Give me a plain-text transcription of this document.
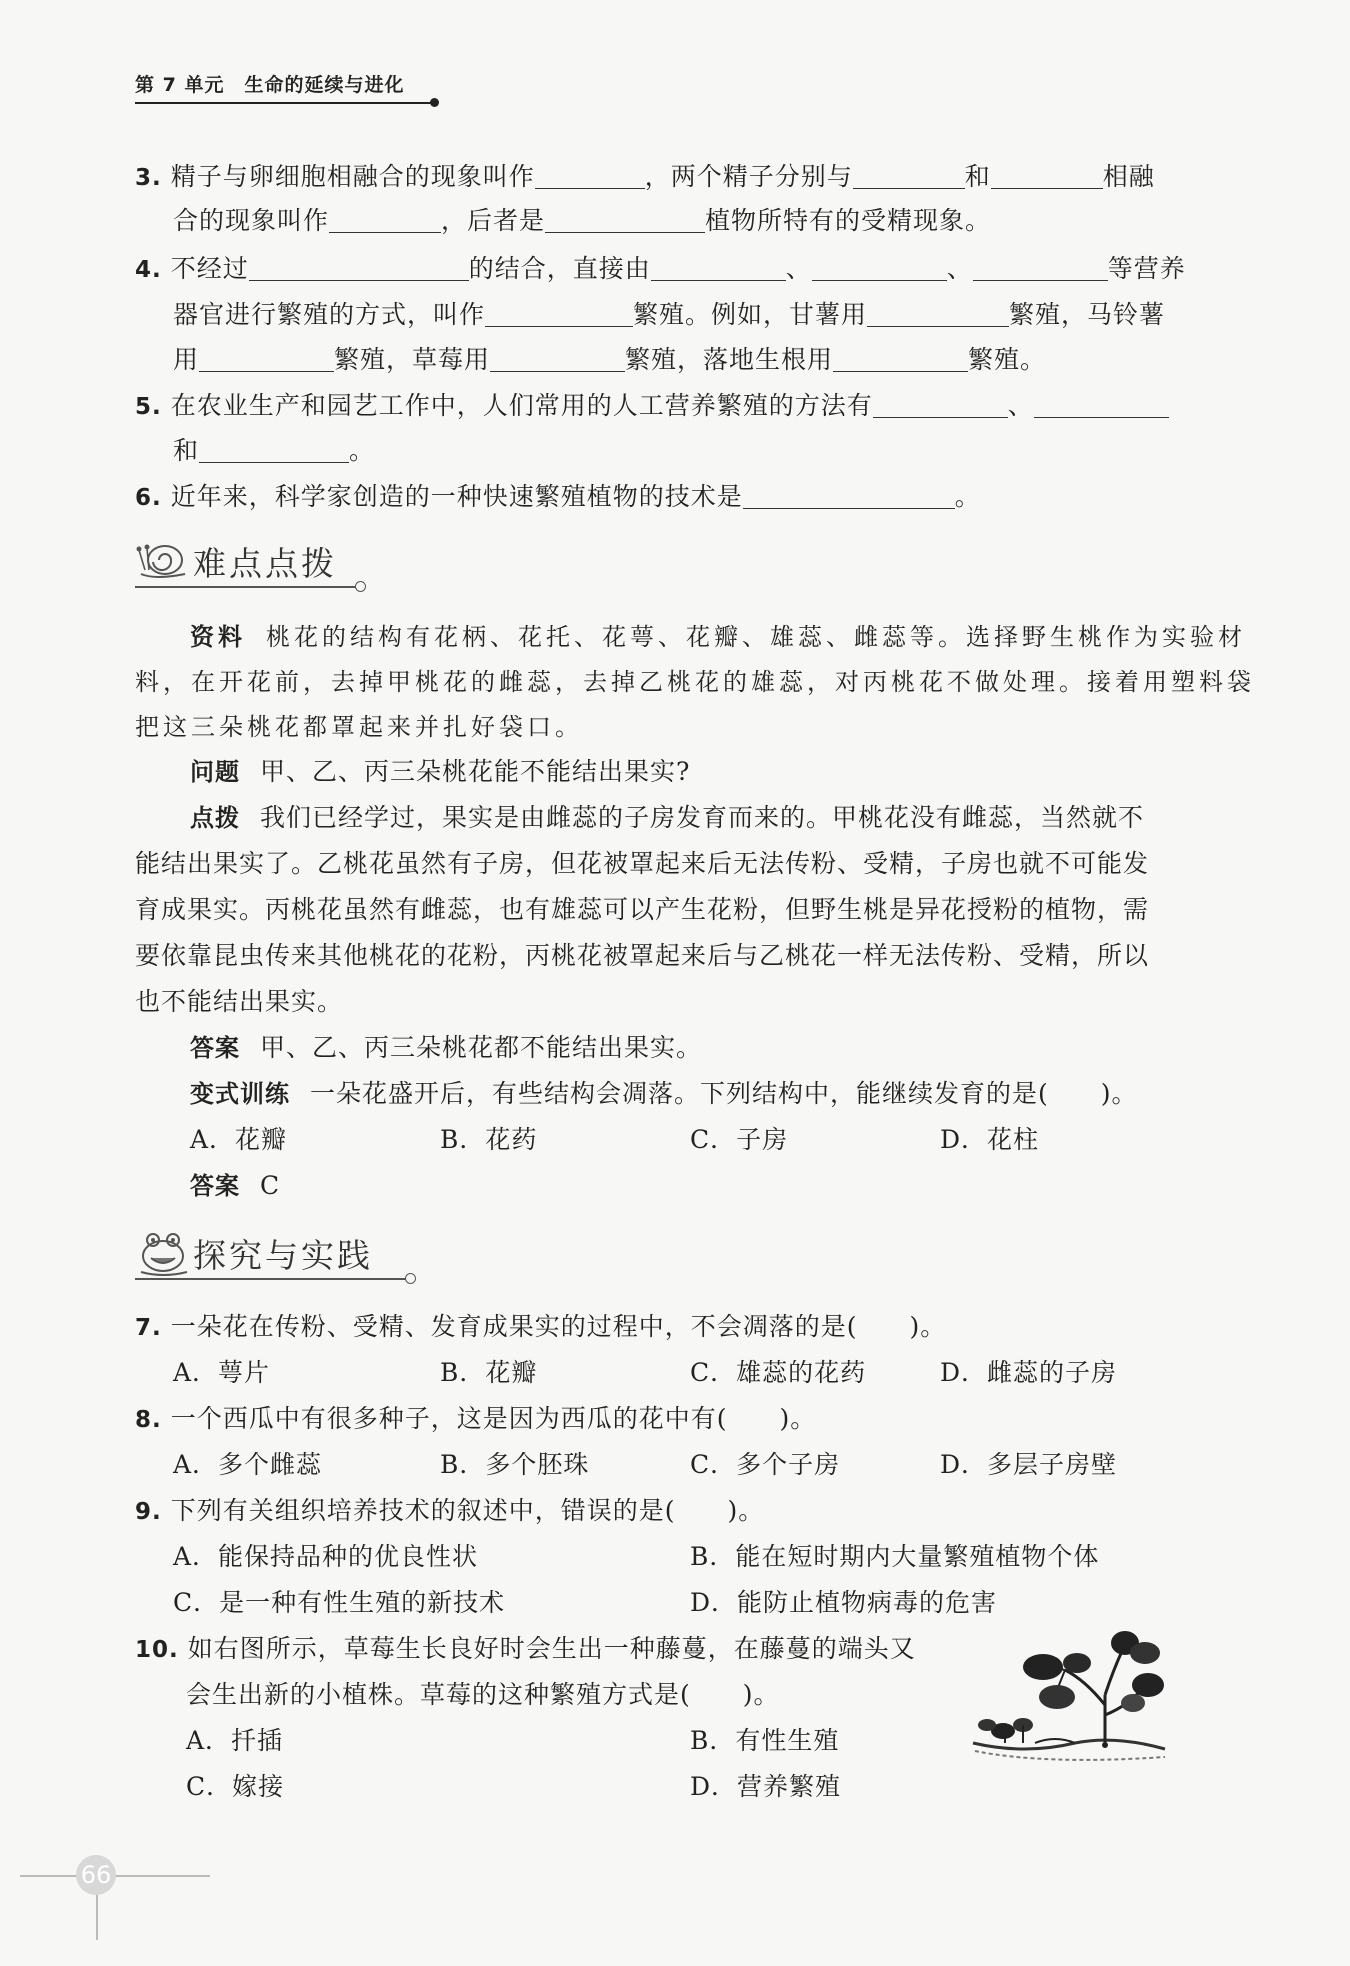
第 7 单元 生命的延续与进化
3. 精子与卵细胞相融合的现象叫作	，两个精子分别与	和	相融
合的现象叫作	，后者是	植物所特有的受精现象。
4. 不经过	的结合，直接由	、	、	等营养
器官进行繁殖的方式，叫作	繁殖。例如，甘薯用	繁殖，马铃薯
用	繁殖，草莓用	繁殖，落地生根用	繁殖。
5. 在农业生产和园艺工作中，人们常用的人工营养繁殖的方法有	、
和	。
6. 近年来，科学家创造的一种快速繁殖植物的技术是	。
难点点拨
资料 桃花的结构有花柄、花托、花萼、花瓣、雄蕊、雌蕊等。选择野生桃作为实验材
料，在开花前，去掉甲桃花的雌蕊，去掉乙桃花的雄蕊，对丙桃花不做处理。接着用塑料袋
把这三朵桃花都罩起来并扎好袋口。
问题 甲、乙、丙三朵桃花能不能结出果实?
点拨 我们已经学过，果实是由雌蕊的子房发育而来的。甲桃花没有雌蕊，当然就不
能结出果实了。乙桃花虽然有子房，但花被罩起来后无法传粉、受精，子房也就不可能发
育成果实。丙桃花虽然有雌蕊，也有雄蕊可以产生花粉，但野生桃是异花授粉的植物，需
要依靠昆虫传来其他桃花的花粉，丙桃花被罩起来后与乙桃花一样无法传粉、受精，所以
也不能结出果实。
答案 甲、乙、丙三朵桃花都不能结出果实。
变式训练 一朵花盛开后，有些结构会凋落。下列结构中，能继续发育的是(　　)。
A．花瓣	B．花药	C．子房	D．花柱
答案 C
探究与实践
7. 一朵花在传粉、受精、发育成果实的过程中，不会凋落的是(　　)。
A．萼片	B．花瓣	C．雄蕊的花药	D．雌蕊的子房
8. 一个西瓜中有很多种子，这是因为西瓜的花中有(　　)。
A．多个雌蕊	B．多个胚珠	C．多个子房	D．多层子房壁
9. 下列有关组织培养技术的叙述中，错误的是(　　)。
A．能保持品种的优良性状	B．能在短时期内大量繁殖植物个体
C．是一种有性生殖的新技术	D．能防止植物病毒的危害
10. 如右图所示，草莓生长良好时会生出一种藤蔓，在藤蔓的端头又
会生出新的小植株。草莓的这种繁殖方式是(　　)。
A．扦插	B．有性生殖
C．嫁接	D．营养繁殖
66
